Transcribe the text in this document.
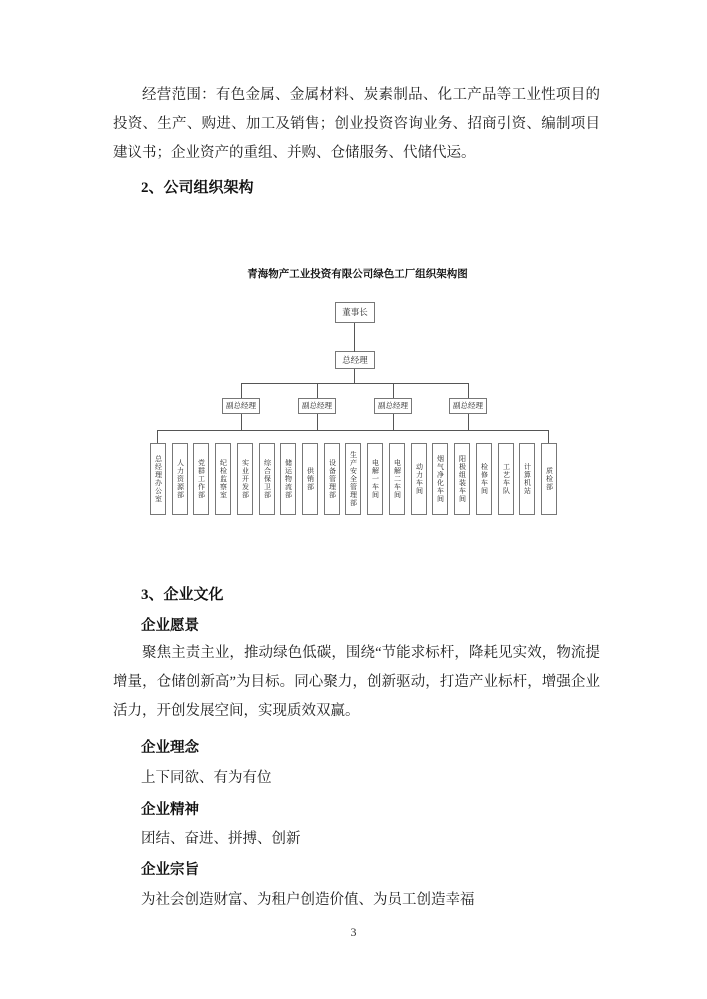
经营范围：有色金属、金属材料、炭素制品、化工产品等工业性项目的投资、生产、购进、加工及销售；创业投资咨询业务、招商引资、编制项目建议书；企业资产的重组、并购、仓储服务、代储代运。

2、公司组织架构
青海物产工业投资有限公司绿色工厂组织架构图
董事长
总经理
副总经理	副总经理	副总经理	副总经理
总经理办公室 人力资源部 党群工作部 纪检监察室 实业开发部 综合保卫部 储运物流部 供销部 设备管理部 生产安全管理部 电解一车间 电解二车间 动力车间 烟气净化车间 阳极组装车间 检修车间 工艺车队 计算机站 质检部
3、企业文化
企业愿景

聚焦主责主业，推动绿色低碳，围绕“节能求标杆，降耗见实效，物流提增量，仓储创新高”为目标。同心聚力，创新驱动，打造产业标杆，增强企业活力，开创发展空间，实现质效双赢。

企业理念

上下同欲、有为有位

企业精神

团结、奋进、拼搏、创新

企业宗旨

为社会创造财富、为租户创造价值、为员工创造幸福

3
